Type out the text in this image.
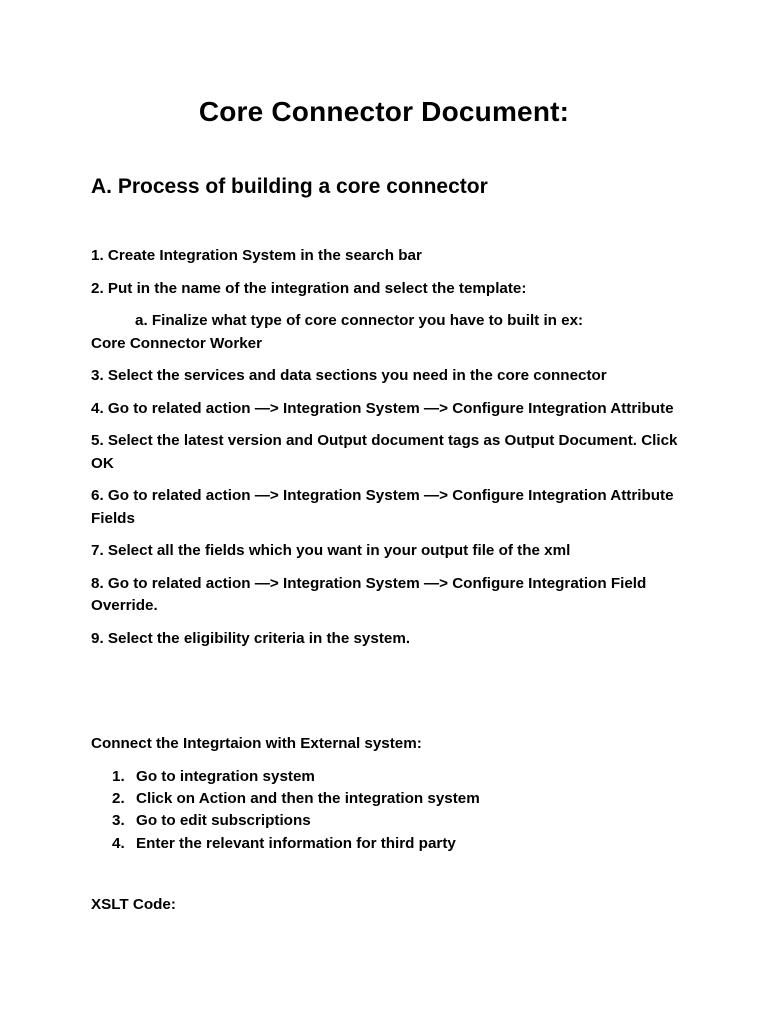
Core Connector Document:
A. Process of building a core connector
1. Create Integration System in the search bar
2. Put in the name of the integration and select the template:
a. Finalize what type of core connector you have to built in ex:
Core Connector Worker
3. Select the services and data sections you need in the core connector
4. Go to related action —> Integration System —> Configure Integration Attribute
5. Select the latest version and Output document tags as Output Document. Click OK
6. Go to related action —> Integration System —> Configure Integration Attribute Fields
7. Select all the fields which you want in your output file of the xml
8. Go to related action —> Integration System —> Configure Integration Field Override.
9. Select the eligibility criteria in the system.
Connect the Integrtaion with External system:
1. Go to integration system
2. Click on Action and then the integration system
3. Go to edit subscriptions
4. Enter the relevant information for third party
XSLT Code:
